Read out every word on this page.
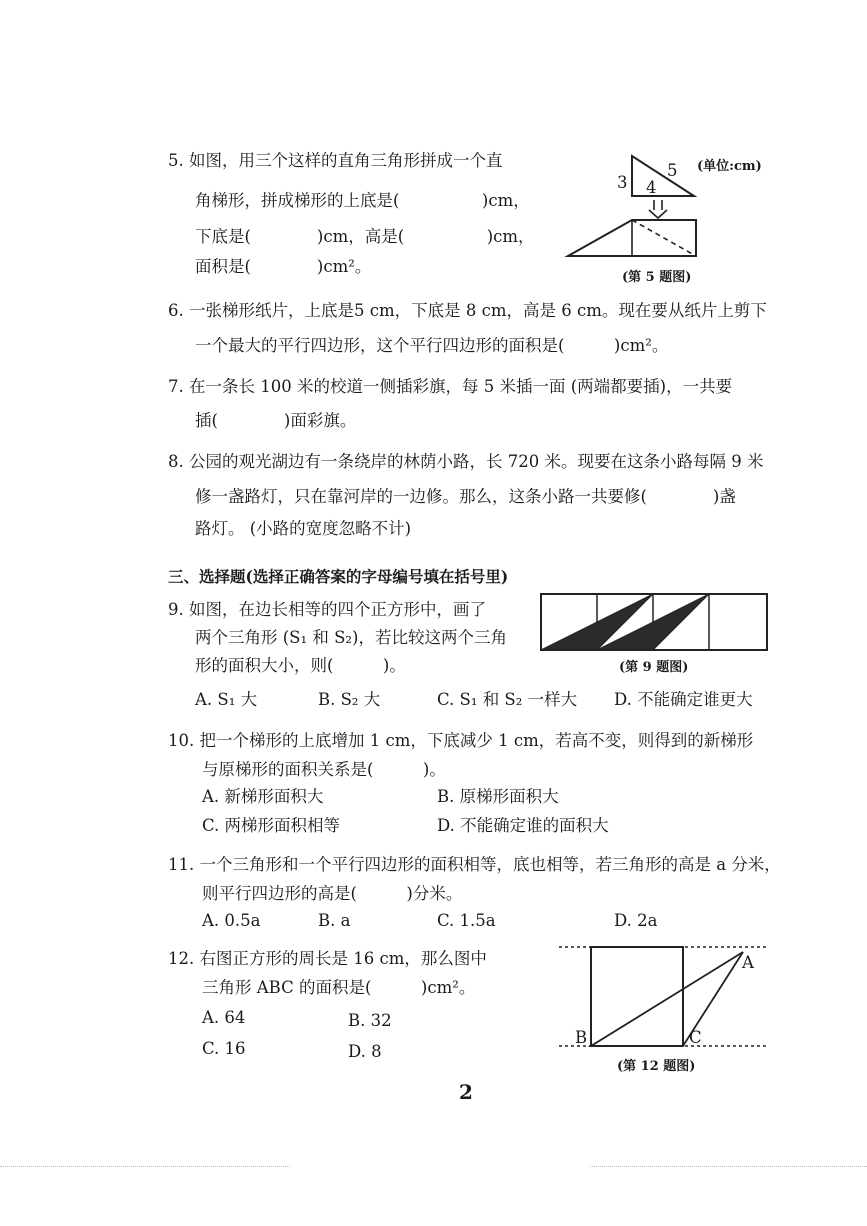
5. 如图，用三个这样的直角三角形拼成一个直
角梯形，拼成梯形的上底是(　　　　　)cm，
下底是(　　　　)cm，高是(　　　　　)cm，
面积是(　　　　)cm²。
3 4
5 (单位:cm)
(第 5 题图)
6. 一张梯形纸片，上底是5 cm，下底是 8 cm，高是 6 cm。现在要从纸片上剪下
一个最大的平行四边形，这个平行四边形的面积是(　　　)cm²。
7. 在一条长 100 米的校道一侧插彩旗，每 5 米插一面 (两端都要插)，一共要
插(　　　　)面彩旗。
8. 公园的观光湖边有一条绕岸的林荫小路，长 720 米。现要在这条小路每隔 9 米
修一盏路灯，只在靠河岸的一边修。那么，这条小路一共要修(　　　　)盏
路灯。 (小路的宽度忽略不计)
三、选择题(选择正确答案的字母编号填在括号里)
9. 如图，在边长相等的四个正方形中，画了
两个三角形 (S₁ 和 S₂)，若比较这两个三角
形的面积大小，则(　　　)。	(第 9 题图)
A. S₁ 大	B. S₂ 大	C. S₁ 和 S₂ 一样大 D. 不能确定谁更大
10. 把一个梯形的上底增加 1 cm，下底减少 1 cm，若高不变，则得到的新梯形
与原梯形的面积关系是(　　　)。
A. 新梯形面积大	B. 原梯形面积大
C. 两梯形面积相等	D. 不能确定谁的面积大
11. 一个三角形和一个平行四边形的面积相等，底也相等，若三角形的高是 a 分米，
则平行四边形的高是(　　　)分米。
A. 0.5a	B. a	C. 1.5a	D. 2a
12. 右图正方形的周长是 16 cm，那么图中
三角形 ABC 的面积是(　　　)cm²。
A. 64	B. 32
C. 16	D. 8
A
B	C
(第 12 题图)
2
